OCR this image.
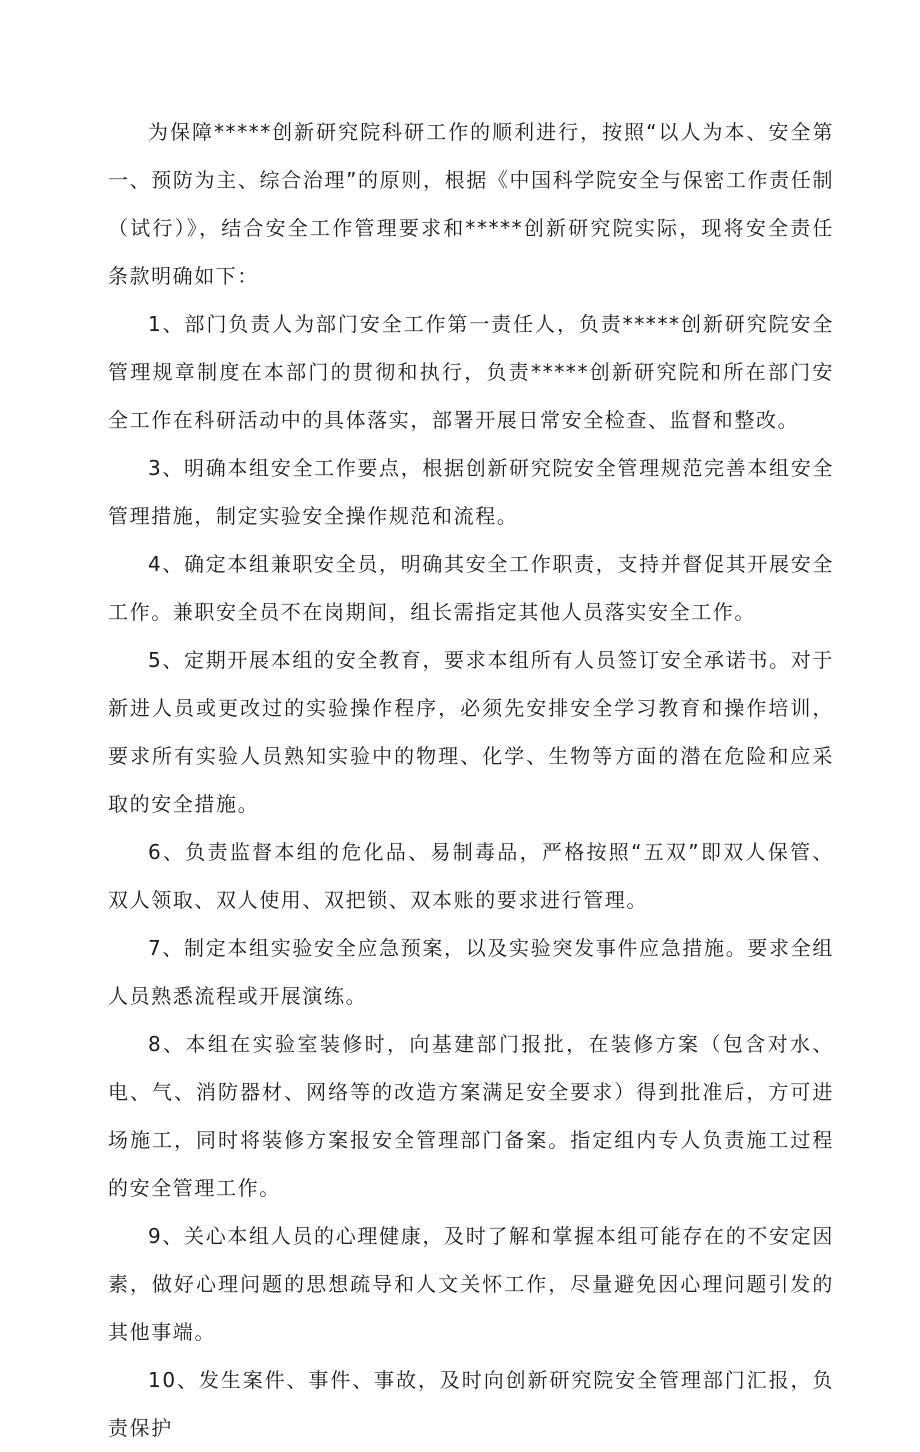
为保障*****创新研究院科研工作的顺利进行，按照“以人为本、安全第一、预防为主、综合治理”的原则，根据《中国科学院安全与保密工作责任制（试行）》，结合安全工作管理要求和*****创新研究院实际，现将安全责任条款明确如下：

1、部门负责人为部门安全工作第一责任人，负责*****创新研究院安全管理规章制度在本部门的贯彻和执行，负责*****创新研究院和所在部门安全工作在科研活动中的具体落实，部署开展日常安全检查、监督和整改。

3、明确本组安全工作要点，根据创新研究院安全管理规范完善本组安全管理措施，制定实验安全操作规范和流程。

4、确定本组兼职安全员，明确其安全工作职责，支持并督促其开展安全工作。兼职安全员不在岗期间，组长需指定其他人员落实安全工作。

5、定期开展本组的安全教育，要求本组所有人员签订安全承诺书。对于新进人员或更改过的实验操作程序，必须先安排安全学习教育和操作培训，要求所有实验人员熟知实验中的物理、化学、生物等方面的潜在危险和应采取的安全措施。

6、负责监督本组的危化品、易制毒品，严格按照“五双”即双人保管、双人领取、双人使用、双把锁、双本账的要求进行管理。

7、制定本组实验安全应急预案，以及实验突发事件应急措施。要求全组人员熟悉流程或开展演练。

8、本组在实验室装修时，向基建部门报批，在装修方案（包含对水、电、气、消防器材、网络等的改造方案满足安全要求）得到批准后，方可进场施工，同时将装修方案报安全管理部门备案。指定组内专人负责施工过程的安全管理工作。

9、关心本组人员的心理健康，及时了解和掌握本组可能存在的不安定因素，做好心理问题的思想疏导和人文关怀工作，尽量避免因心理问题引发的其他事端。

10、发生案件、事件、事故，及时向创新研究院安全管理部门汇报，负责保护
